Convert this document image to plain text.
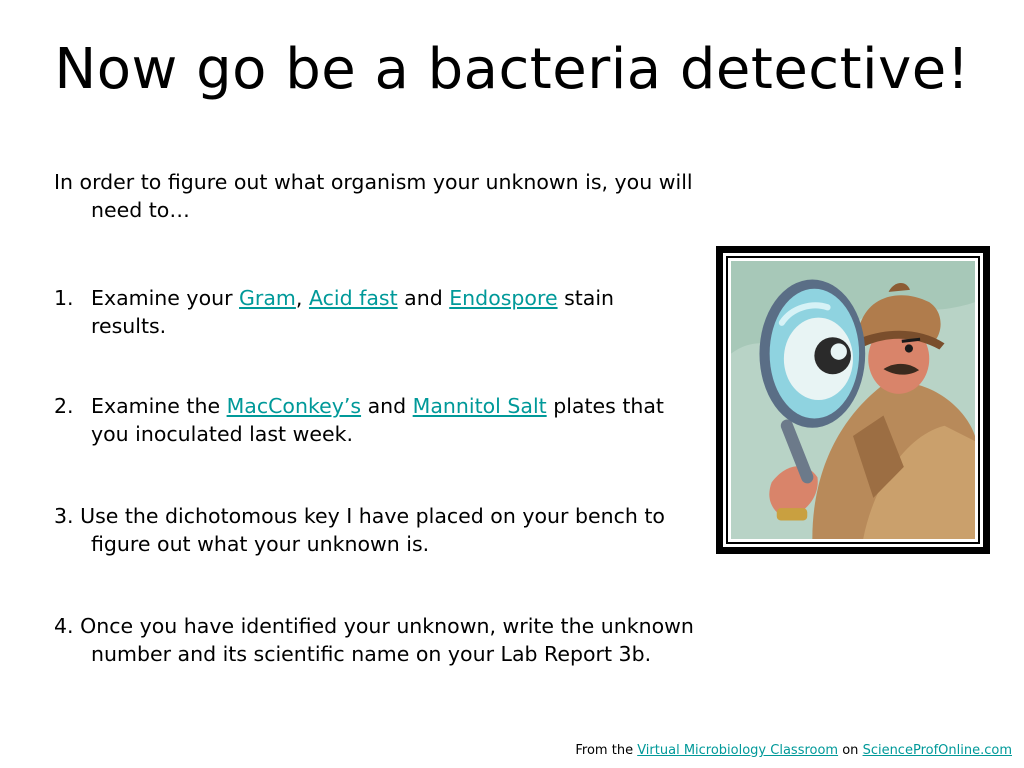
Now go be a bacteria detective!

In order to figure out what organism your unknown is, you will need to…

1. Examine your Gram, Acid fast and Endospore stain results.

2. Examine the MacConkey’s and Mannitol Salt plates that you inoculated last week.

3. Use the dichotomous key I have placed on your bench to figure out what your unknown is.

4. Once you have identified your unknown, write the unknown number and its scientific name on your Lab Report 3b.

From the Virtual Microbiology Classroom on ScienceProfOnline.com
